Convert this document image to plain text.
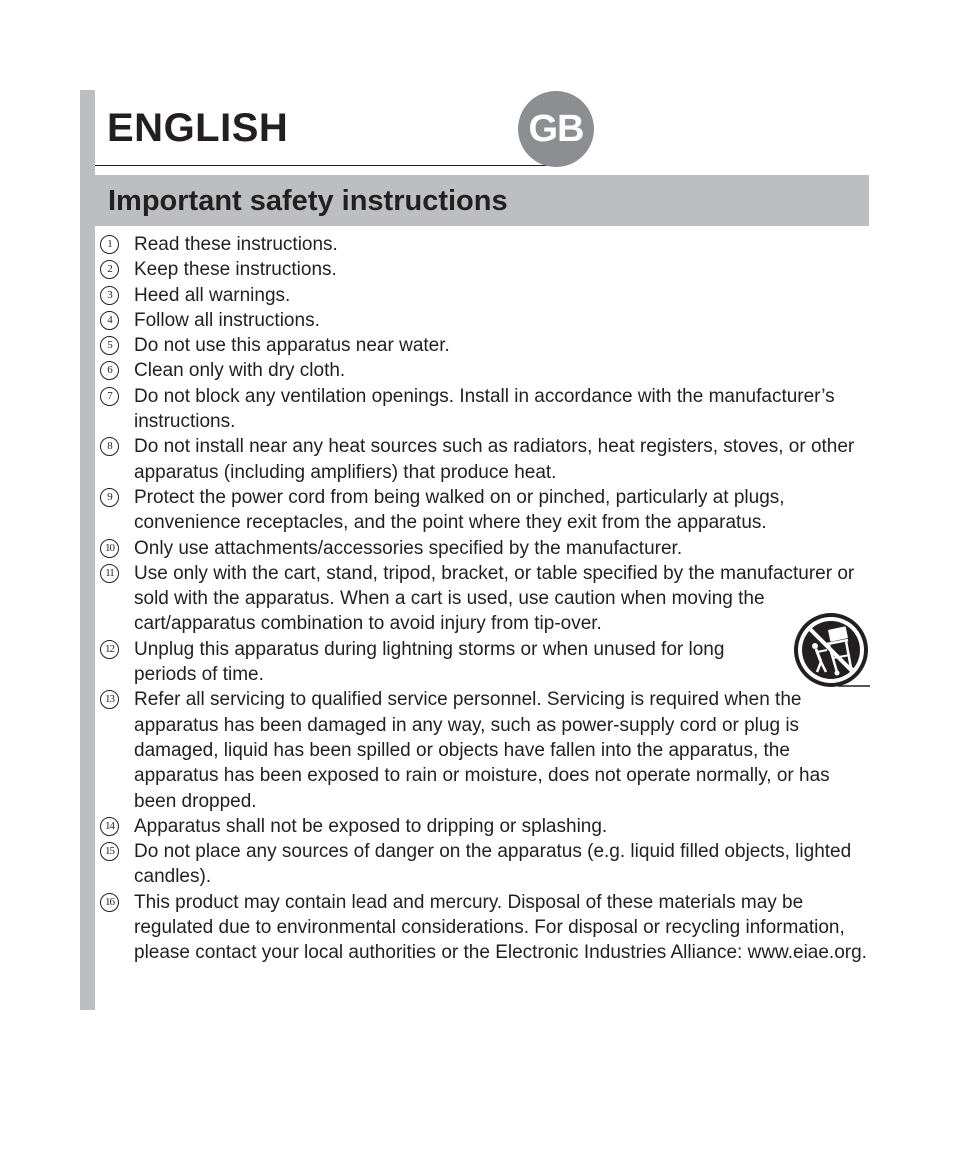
ENGLISH	GB
Important safety instructions
1	Read these instructions.
2	Keep these instructions.
3	Heed all warnings.
4	Follow all instructions.
5	Do not use this apparatus near water.
6	Clean only with dry cloth.
7	Do not block any ventilation openings. Install in accordance with the manufacturer’s instructions.
8	Do not install near any heat sources such as radiators, heat registers, stoves, or other apparatus (including amplifiers) that produce heat.
9	Protect the power cord from being walked on or pinched, particularly at plugs, convenience receptacles, and the point where they exit from the apparatus.
10 Only use attachments/accessories specified by the manufacturer.
11 Use only with the cart, stand, tripod, bracket, or table specified by the manufacturer or sold with the apparatus. When a cart is used, use caution when moving the cart/apparatus combination to avoid injury from tip-over.
12 Unplug this apparatus during lightning storms or when unused for long periods of time.
13 Refer all servicing to qualified service personnel. Servicing is required when the apparatus has been damaged in any way, such as power-supply cord or plug is damaged, liquid has been spilled or objects have fallen into the apparatus, the apparatus has been exposed to rain or moisture, does not operate normally, or has been dropped.
14 Apparatus shall not be exposed to dripping or splashing.
15 Do not place any sources of danger on the apparatus (e.g. liquid filled objects, lighted candles).
16 This product may contain lead and mercury. Disposal of these materials may be regulated due to environmental considerations. For disposal or recycling information, please contact your local authorities or the Electronic Industries Alliance: www.eiae.org.
